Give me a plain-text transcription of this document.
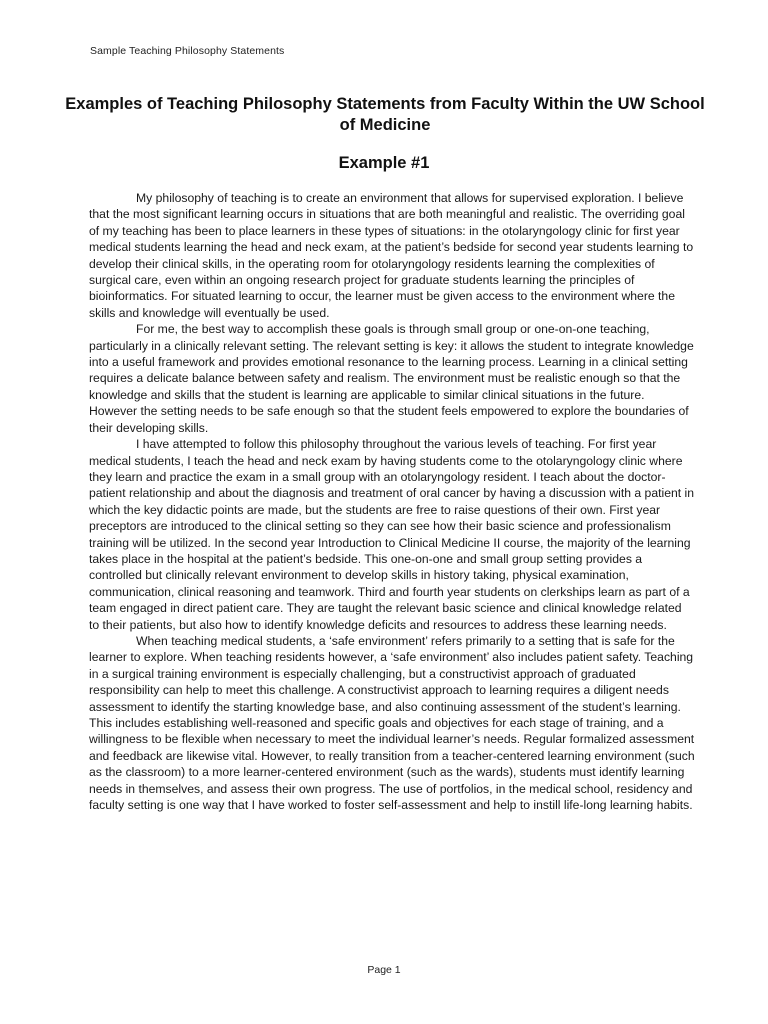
Sample Teaching Philosophy Statements
Examples of Teaching Philosophy Statements from Faculty Within the UW School of Medicine
Example #1

My philosophy of teaching is to create an environment that allows for supervised exploration. I believe that the most significant learning occurs in situations that are both meaningful and realistic. The overriding goal of my teaching has been to place learners in these types of situations: in the otolaryngology clinic for first year medical students learning the head and neck exam, at the patient’s bedside for second year students learning to develop their clinical skills, in the operating room for otolaryngology residents learning the complexities of surgical care, even within an ongoing research project for graduate students learning the principles of bioinformatics. For situated learning to occur, the learner must be given access to the environment where the skills and knowledge will eventually be used.

For me, the best way to accomplish these goals is through small group or one-on-one teaching, particularly in a clinically relevant setting. The relevant setting is key: it allows the student to integrate knowledge into a useful framework and provides emotional resonance to the learning process. Learning in a clinical setting requires a delicate balance between safety and realism. The environment must be realistic enough so that the knowledge and skills that the student is learning are applicable to similar clinical situations in the future. However the setting needs to be safe enough so that the student feels empowered to explore the boundaries of their developing skills.

I have attempted to follow this philosophy throughout the various levels of teaching. For first year medical students, I teach the head and neck exam by having students come to the otolaryngology clinic where they learn and practice the exam in a small group with an otolaryngology resident. I teach about the doctor-patient relationship and about the diagnosis and treatment of oral cancer by having a discussion with a patient in which the key didactic points are made, but the students are free to raise questions of their own. First year preceptors are introduced to the clinical setting so they can see how their basic science and professionalism training will be utilized. In the second year Introduction to Clinical Medicine II course, the majority of the learning takes place in the hospital at the patient’s bedside. This one-on-one and small group setting provides a controlled but clinically relevant environment to develop skills in history taking, physical examination, communication, clinical reasoning and teamwork. Third and fourth year students on clerkships learn as part of a team engaged in direct patient care. They are taught the relevant basic science and clinical knowledge related to their patients, but also how to identify knowledge deficits and resources to address these learning needs.

When teaching medical students, a ‘safe environment’ refers primarily to a setting that is safe for the learner to explore. When teaching residents however, a ‘safe environment’ also includes patient safety. Teaching in a surgical training environment is especially challenging, but a constructivist approach of graduated responsibility can help to meet this challenge. A constructivist approach to learning requires a diligent needs assessment to identify the starting knowledge base, and also continuing assessment of the student’s learning. This includes establishing well-reasoned and specific goals and objectives for each stage of training, and a willingness to be flexible when necessary to meet the individual learner’s needs. Regular formalized assessment and feedback are likewise vital. However, to really transition from a teacher-centered learning environment (such as the classroom) to a more learner-centered environment (such as the wards), students must identify learning needs in themselves, and assess their own progress. The use of portfolios, in the medical school, residency and faculty setting is one way that I have worked to foster self-assessment and help to instill life-long learning habits.

Page 1
